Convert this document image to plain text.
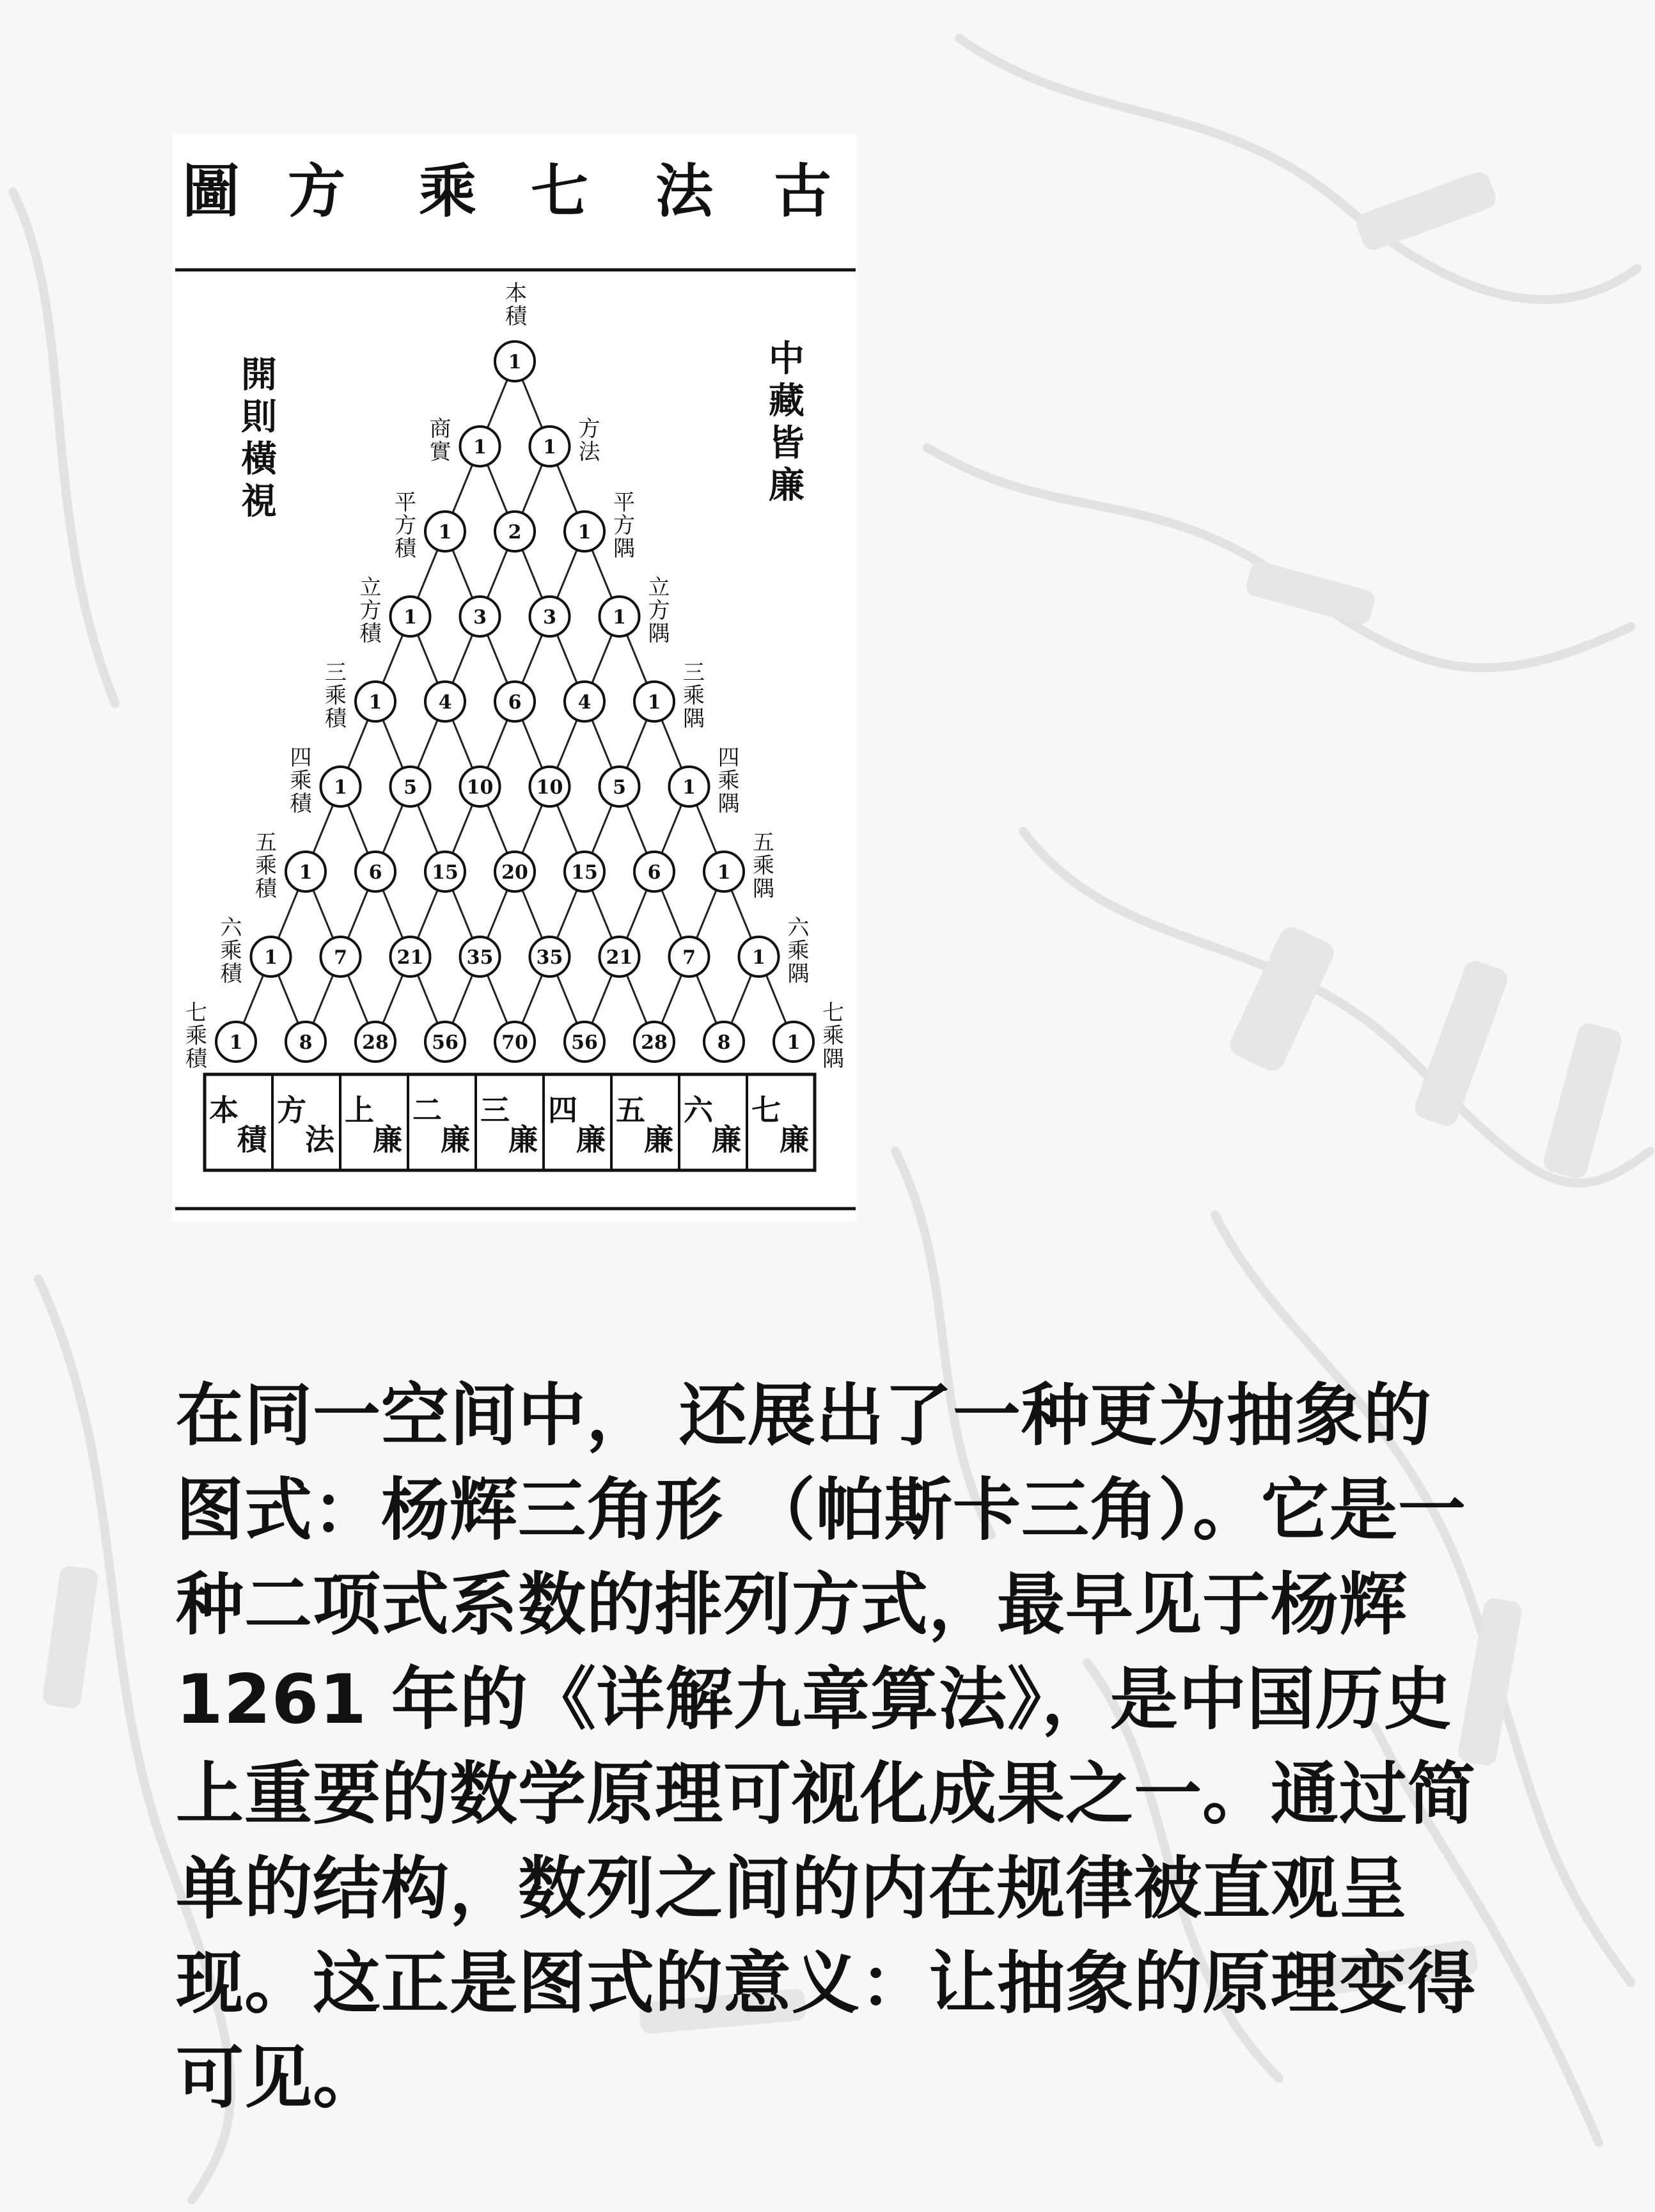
古
法
七
乘
方
圖
中
藏
皆
廉
開
則
橫
視
1
1	1
1	2	1
1	3	3	1
1	4	6	4	1
1	5	10 10	5	1
1	6	15 20 15	6	1
1	7	21 35 35 21	7	1
1	8	28 56 70 56 28	8	1
本
積
商
實
方
法
平
方
積
平
方
隅
立
方
積
立
方
隅
三
乘
積
三
乘
隅
四
乘
積
四
乘
隅
五
乘
積
五
乘
隅
六
乘
積
六
乘
隅
七
乘
積
七
乘
隅
本
積
方
法
上
廉
二
廉
三
廉
四
廉
五
廉
六
廉
七
廉

在同一空间中， 还展出了一种更为抽象的图式：杨辉三角形 （帕斯卡三角）。它是一种二项式系数的排列方式，最早见于杨辉 1261 年的《详解九章算法》，是中国历史上重要的数学原理可视化成果之一。通过简单的结构，数列之间的内在规律被直观呈现。这正是图式的意义：让抽象的原理变得可见。
